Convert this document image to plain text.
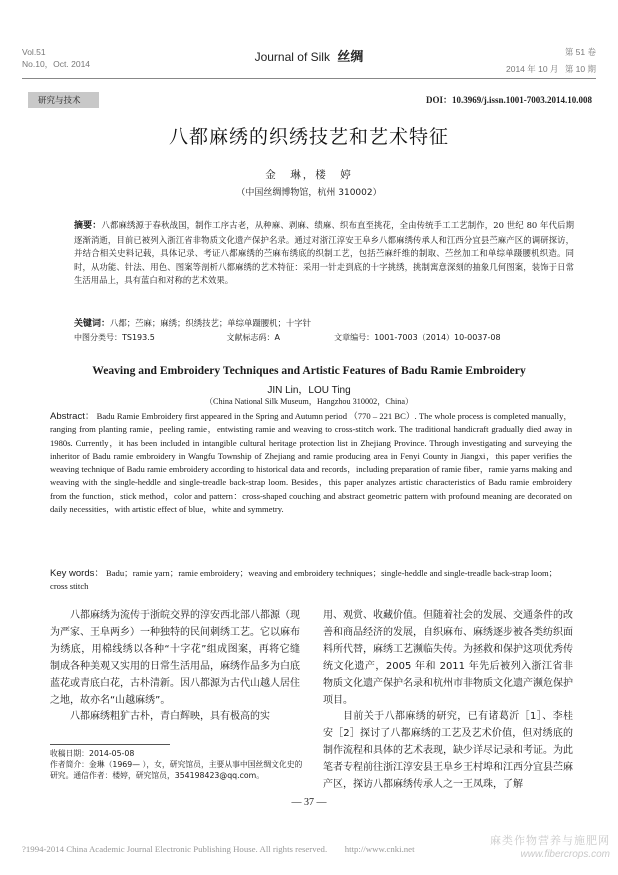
Vol.51
No.10，Oct. 2014	Journal of Silk 丝绸	第 51 卷
2014 年 10 月 第 10 期
研究与技术	DOI：10.3969/j.issn.1001-7003.2014.10.008
八都麻绣的织绣技艺和艺术特征
金　琳，楼　婷
（中国丝绸博物馆，杭州 310002）
摘要：八都麻绣源于春秋战国，制作工序古老，从种麻、剥麻、绩麻、织布直至挑花，全由传统手工工艺制作，20 世纪 80 年代后期逐渐消逝，目前已被列入浙江省非物质文化遗产保护名录。通过对浙江淳安王阜乡八都麻绣传承人和江西分宜县苎麻产区的调研探访，并结合相关史料记载，具体记录、考证八都麻绣的苎麻布绣底的织制工艺，包括苎麻纤维的制取、苎丝加工和单综单蹑腰机织造。同时，从功能、针法、用色、图案等剖析八都麻绣的艺术特征：采用一针走到底的十字挑绣，挑制寓意深刻的抽象几何图案，装饰于日常生活用品上，具有蓝白和对称的艺术效果。
关键词：八都；苎麻；麻绣；织绣技艺；单综单蹑腰机；十字针
中图分类号：TS193.5	文献标志码：A	文章编号：1001-7003（2014）10-0037-08
Weaving and Embroidery Techniques and Artistic Features of Badu Ramie Embroidery
JIN Lin，LOU Ting
（China National Silk Museum，Hangzhou 310002，China）
Abstract： Badu Ramie Embroidery first appeared in the Spring and Autumn period （770 – 221 BC）. The whole process is completed manually，ranging from planting ramie，peeling ramie，entwisting ramie and weaving to cross-stitch work. The traditional handicraft gradually died away in 1980s. Currently，it has been included in intangible cultural heritage protection list in Zhejiang Province. Through investigating and surveying the inheritor of Badu ramie embroidery in Wangfu Township of Zhejiang and ramie producing area in Fenyi County in Jiangxi，this paper verifies the weaving technique of Badu ramie embroidery according to historical data and records，including preparation of ramie fiber，ramie yarns making and weaving with the single-heddle and single-treadle back-strap loom. Besides，this paper analyzes artistic characteristics of Badu ramie embroidery from the function，stick method，color and pattern：cross-shaped couching and abstract geometric pattern with profound meaning are decorated on daily necessities，with artistic effect of blue，white and symmetry.
Key words： Badu；ramie yarn；ramie embroidery；weaving and embroidery techniques；single-heddle and single-treadle back-strap loom；cross stitch

八都麻绣为流传于浙皖交界的淳安西北部八都源（现为严家、王阜两乡）一种独特的民间刺绣工艺。它以麻布为绣底，用棉线绣以各种“十字花”组成图案，再将它缝制成各种美观又实用的日常生活用品，麻绣作品多为白底蓝花或青底白花，古朴清新。因八都源为古代山越人居住之地，故亦名“山越麻绣”。

八都麻绣粗犷古朴，青白辉映，具有极高的实

用、观赏、收藏价值。但随着社会的发展、交通条件的改善和商品经济的发展，自织麻布、麻绣逐步被各类纺织面料所代替，麻绣工艺濒临失传。为拯救和保护这项优秀传统文化遗产，2005 年和 2011 年先后被列入浙江省非物质文化遗产保护名录和杭州市非物质文化遗产濒危保护项目。

目前关于八都麻绣的研究，已有诸葛沂［1］、李桂安［2］探讨了八都麻绣的工艺及艺术价值，但对绣底的制作流程和具体的艺术表现，缺少详尽记录和考证。为此笔者专程前往浙江淳安县王阜乡王村埠和江西分宜县苎麻产区，探访八都麻绣传承人之一王凤珠，了解

收稿日期：2014-05-08
作者简介：金琳（1969— ），女，研究馆员，主要从事中国丝绸文化史的研究。通信作者：楼婷，研究馆员，354198423@qq.com。
— 37 —
?1994-2014 China Academic Journal Electronic Publishing House. All rights reserved.　　http://www.cnki.net
麻类作物营养与施肥网
www.fibercrops.com
